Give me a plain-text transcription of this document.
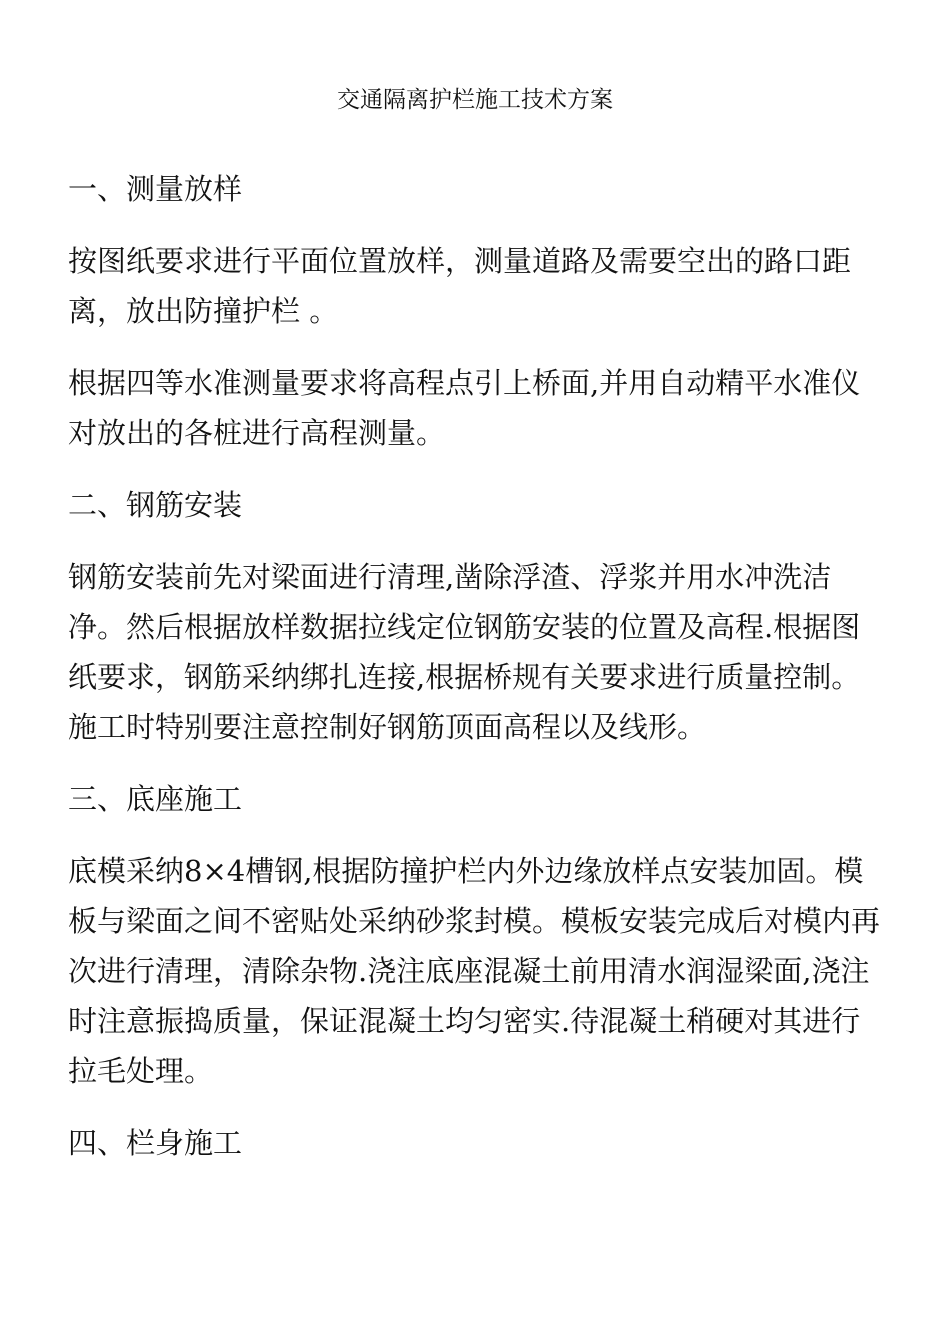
交通隔离护栏施工技术方案
一、测量放样

按图纸要求进行平面位置放样，测量道路及需要空出的路口距离，放出防撞护栏 。

根据四等水准测量要求将高程点引上桥面,并用自动精平水准仪对放出的各桩进行高程测量。

二、钢筋安装

钢筋安装前先对梁面进行清理,凿除浮渣、浮浆并用水冲洗洁净。然后根据放样数据拉线定位钢筋安装的位置及高程.根据图纸要求，钢筋采纳绑扎连接,根据桥规有关要求进行质量控制。施工时特别要注意控制好钢筋顶面高程以及线形。

三、底座施工

底模采纳8×4槽钢,根据防撞护栏内外边缘放样点安装加固。模板与梁面之间不密贴处采纳砂浆封模。模板安装完成后对模内再次进行清理，清除杂物.浇注底座混凝土前用清水润湿梁面,浇注时注意振捣质量，保证混凝土均匀密实.待混凝土稍硬对其进行拉毛处理。

四、栏身施工
